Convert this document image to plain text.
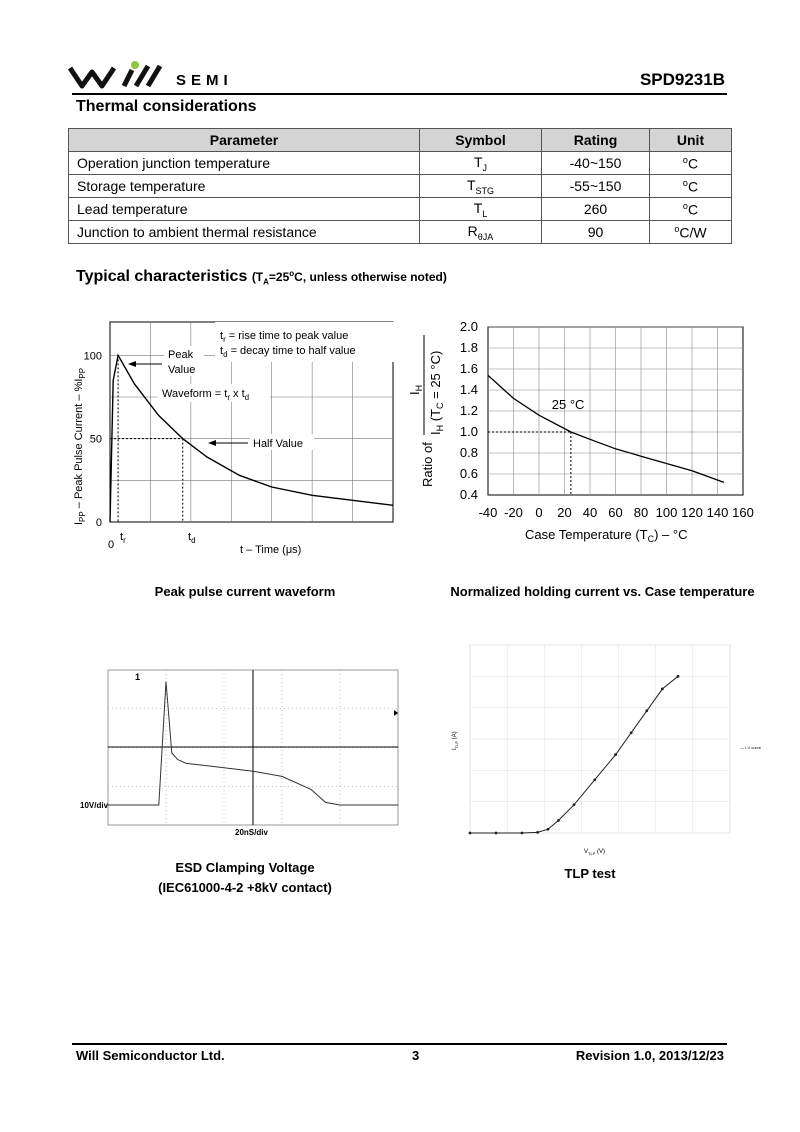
SEMI	SPD9231B
Thermal considerations
Parameter	Symbol	Rating	Unit
Operation junction temperature	$T_J$	-40~150	$^o$C
Storage temperature	$T_{STG}$	-55~150	$^o$C
Lead temperature	$T_L$	260	$^o$C
Junction to ambient thermal resistance	$R_{\theta JA}$	90	$^o$C/W
Typical characteristics ($T_A=25^oC$, unless otherwise noted)
0
50
100
$I_{PP}$ – Peak Pulse Current – $\%I_{PP}$
0
$t_r$	$t_d$
t – Time (μs)
$t_r$ = rise time to peak value
$t_d$ = decay time to half value
Peak
Value
Waveform = $t_r$ x $t_d$
Half Value
Peak pulse current waveform
0.4
0.6
0.8
1.0
1.2
1.4
1.6
1.8
2.0
-40 -20 0 20 40 60 80 100 120 140 160
25 °C
Case Temperature $(T_C) - ^\circ C$
Ratio of
$I_H$
$I_H$ ($T_C = 25$ °C)
Normalized holding current vs. Case temperature
1
10V/div
20nS/div
ESD Clamping Voltage
(IEC61000-4-2 +8kV contact)
$I_{TLP}$ (A)
$V_{TLP}$ (V)
— I-V curve
TLP test
Will Semiconductor Ltd.	3	Revision 1.0, 2013/12/23
